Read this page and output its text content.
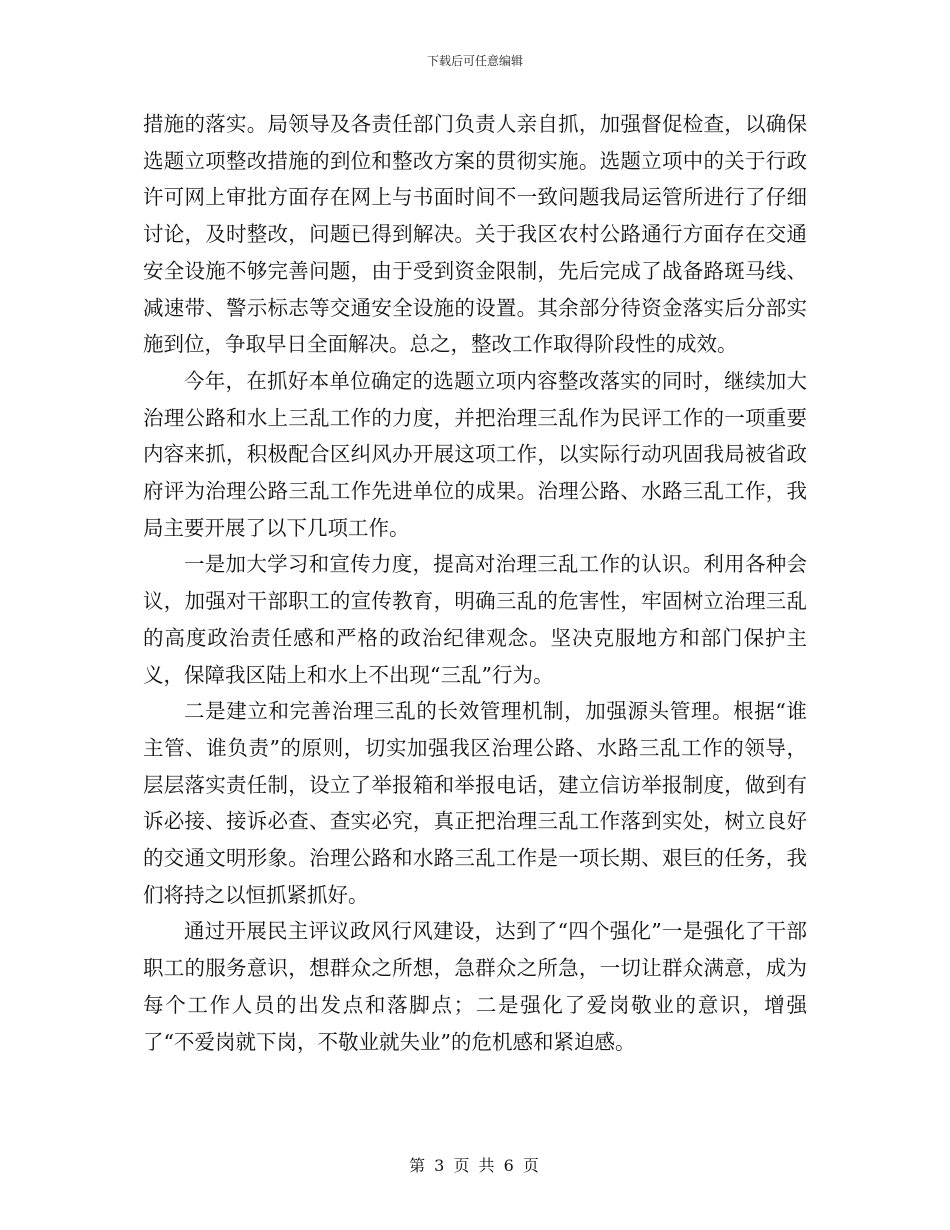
下载后可任意编辑

措施的落实。局领导及各责任部门负责人亲自抓，加强督促检查，以确保选题立项整改措施的到位和整改方案的贯彻实施。选题立项中的关于行政许可网上审批方面存在网上与书面时间不一致问题我局运管所进行了仔细讨论，及时整改，问题已得到解决。关于我区农村公路通行方面存在交通安全设施不够完善问题，由于受到资金限制，先后完成了战备路斑马线、减速带、警示标志等交通安全设施的设置。其余部分待资金落实后分部实施到位，争取早日全面解决。总之，整改工作取得阶段性的成效。

今年，在抓好本单位确定的选题立项内容整改落实的同时，继续加大治理公路和水上三乱工作的力度，并把治理三乱作为民评工作的一项重要内容来抓，积极配合区纠风办开展这项工作，以实际行动巩固我局被省政府评为治理公路三乱工作先进单位的成果。治理公路、水路三乱工作，我局主要开展了以下几项工作。

一是加大学习和宣传力度，提高对治理三乱工作的认识。利用各种会议，加强对干部职工的宣传教育，明确三乱的危害性，牢固树立治理三乱的高度政治责任感和严格的政治纪律观念。坚决克服地方和部门保护主义，保障我区陆上和水上不出现“三乱”行为。

二是建立和完善治理三乱的长效管理机制，加强源头管理。根据“谁主管、谁负责”的原则，切实加强我区治理公路、水路三乱工作的领导，层层落实责任制，设立了举报箱和举报电话，建立信访举报制度，做到有诉必接、接诉必查、查实必究，真正把治理三乱工作落到实处，树立良好的交通文明形象。治理公路和水路三乱工作是一项长期、艰巨的任务，我们将持之以恒抓紧抓好。

通过开展民主评议政风行风建设，达到了“四个强化”一是强化了干部职工的服务意识，想群众之所想，急群众之所急，一切让群众满意，成为每个工作人员的出发点和落脚点；二是强化了爱岗敬业的意识，增强了“不爱岗就下岗，不敬业就失业”的危机感和紧迫感。

第 3 页 共 6 页
